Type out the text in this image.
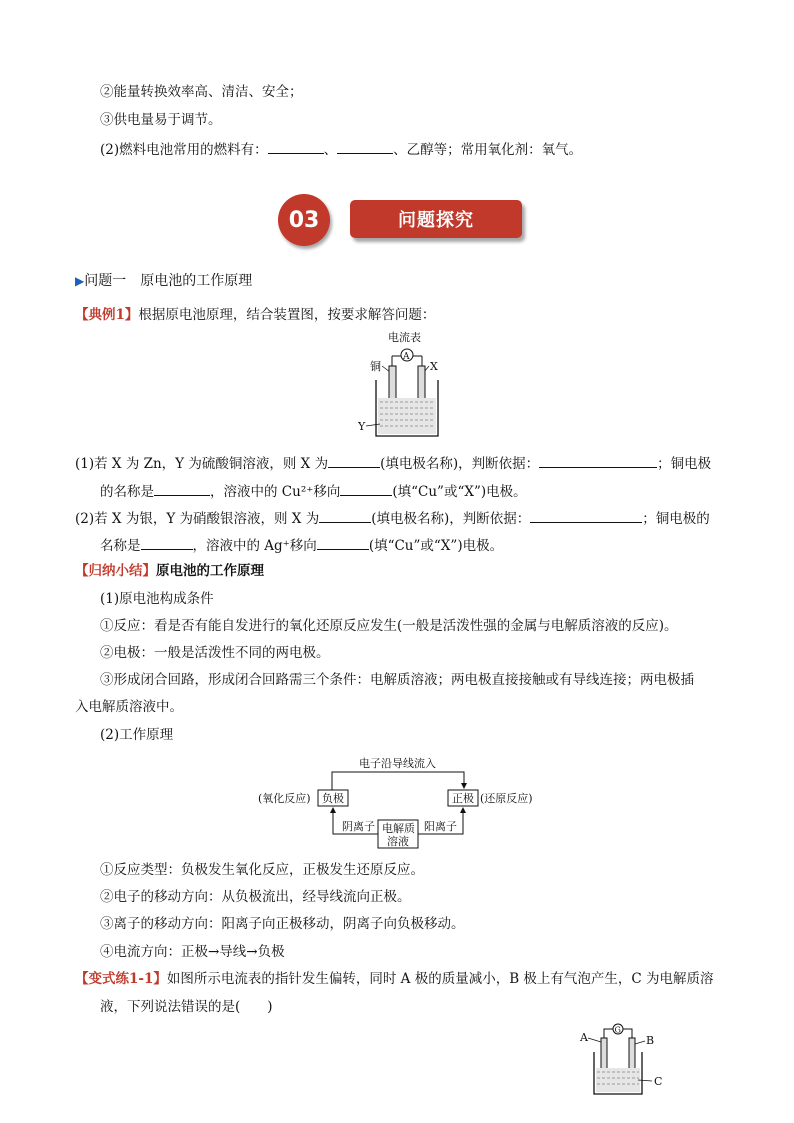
②能量转换效率高、清洁、安全；
③供电量易于调节。
(2)燃料电池常用的燃料有：	、	、乙醇等；常用氧化剂：氧气。
03	问题探究
▶问题一　原电池的工作原理
【典例1】根据原电池原理，结合装置图，按要求解答问题：
电流表
A
铜	X
Y
(1)若 X 为 Zn，Y 为硫酸铜溶液，则 X 为	(填电极名称)，判断依据：	；铜电极
的名称是	，溶液中的 Cu²⁺移向	(填“Cu”或“X”)电极。
(2)若 X 为银，Y 为硝酸银溶液，则 X 为	(填电极名称)，判断依据：	；铜电极的
名称是	，溶液中的 Ag⁺移向	(填“Cu”或“X”)电极。
【归纳小结】原电池的工作原理
(1)原电池构成条件
①反应：看是否有能自发进行的氧化还原反应发生(一般是活泼性强的金属与电解质溶液的反应)。
②电极：一般是活泼性不同的两电极。
③形成闭合回路，形成闭合回路需三个条件：电解质溶液；两电极直接接触或有导线连接；两电极插
入电解质溶液中。
(2)工作原理
电子沿导线流入
(氧化反应) 负极	正极 (还原反应)
电解质
溶液
阴离子	阳离子
①反应类型：负极发生氧化反应，正极发生还原反应。
②电子的移动方向：从负极流出，经导线流向正极。
③离子的移动方向：阳离子向正极移动，阴离子向负极移动。
④电流方向：正极→导线→负极
【变式练1-1】如图所示电流表的指针发生偏转，同时 A 极的质量减小，B 极上有气泡产生，C 为电解质溶
液，下列说法错误的是(　　)
G
A	B
C
